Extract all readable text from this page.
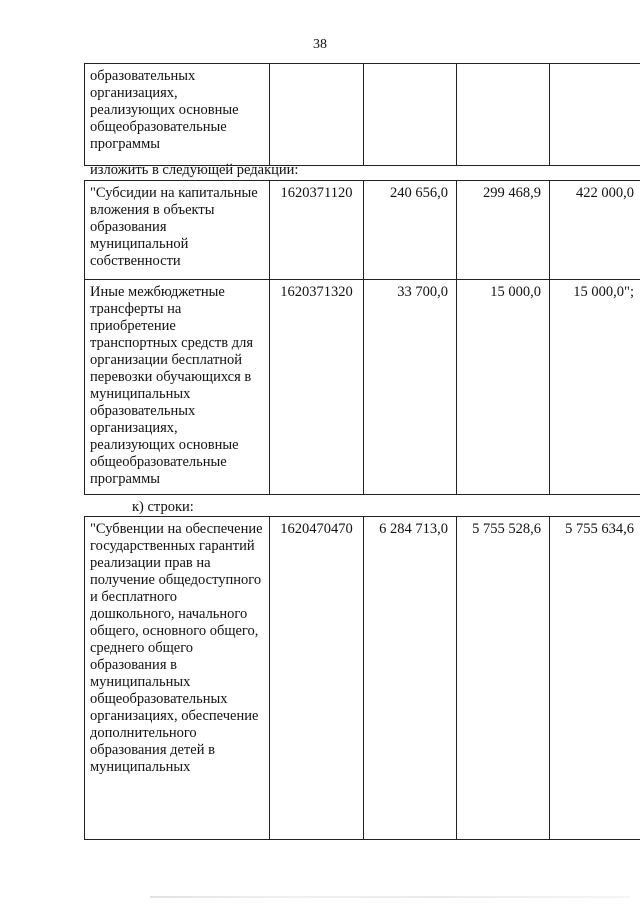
38
образовательных организациях, реализующих основные общеобразовательные программы				
изложить в следующей редакции:
"Субсидии на капитальные вложения в объекты образования муниципальной собственности	1620371120	240 656,0	299 468,9	422 000,0
Иные межбюджетные трансферты на приобретение транспортных средств для организации бесплатной перевозки обучающихся в муниципальных образовательных организациях, реализующих основные общеобразовательные программы	1620371320	33 700,0	15 000,0	15 000,0";
к) строки:
"Субвенции на обеспечение государственных гарантий реализации прав на получение общедоступного и бесплатного дошкольного, начального общего, основного общего, среднего общего образования в муниципальных общеобразовательных организациях, обеспечение дополнительного образования детей в муниципальных	1620470470	6 284 713,0	5 755 528,6	5 755 634,6
